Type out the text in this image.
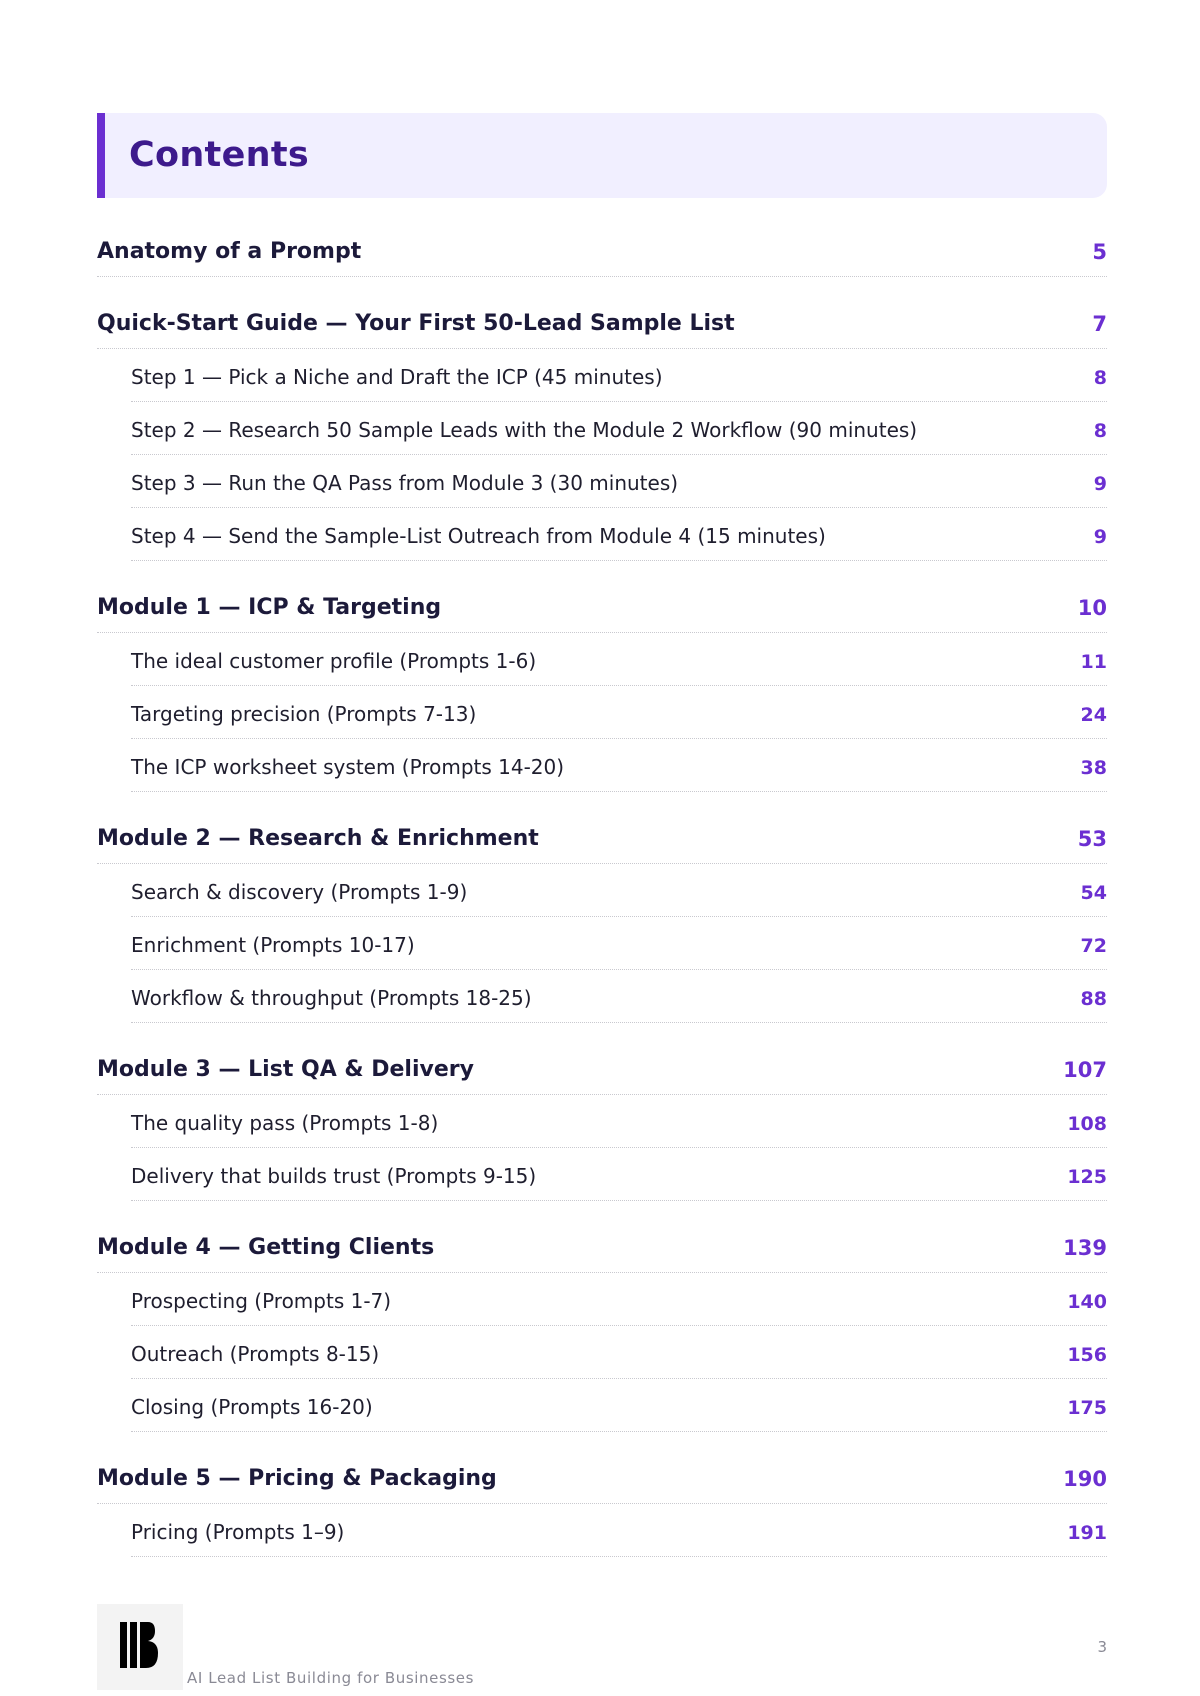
Contents
Anatomy of a Prompt	5
Quick-Start Guide — Your First 50-Lead Sample List	7
Step 1 — Pick a Niche and Draft the ICP (45 minutes)	8
Step 2 — Research 50 Sample Leads with the Module 2 Workflow (90 minutes)	8
Step 3 — Run the QA Pass from Module 3 (30 minutes)	9
Step 4 — Send the Sample-List Outreach from Module 4 (15 minutes)	9
Module 1 — ICP & Targeting	10
The ideal customer profile (Prompts 1-6)	11
Targeting precision (Prompts 7-13)	24
The ICP worksheet system (Prompts 14-20)	38
Module 2 — Research & Enrichment	53
Search & discovery (Prompts 1-9)	54
Enrichment (Prompts 10-17)	72
Workflow & throughput (Prompts 18-25)	88
Module 3 — List QA & Delivery	107
The quality pass (Prompts 1-8)	108
Delivery that builds trust (Prompts 9-15)	125
Module 4 — Getting Clients	139
Prospecting (Prompts 1-7)	140
Outreach (Prompts 8-15)	156
Closing (Prompts 16-20)	175
Module 5 — Pricing & Packaging	190
Pricing (Prompts 1–9)	191
AI Lead List Building for Businesses
3
